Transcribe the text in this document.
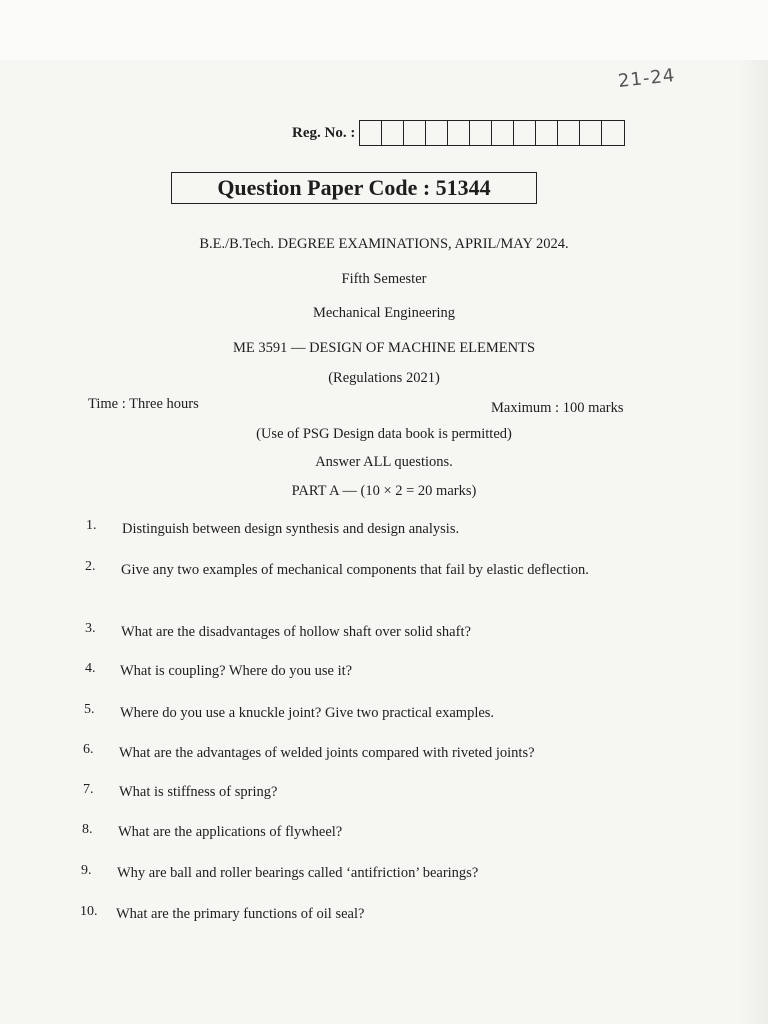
21-24
Reg. No. :
Question Paper Code : 51344
B.E./B.Tech. DEGREE EXAMINATIONS, APRIL/MAY 2024.
Fifth Semester
Mechanical Engineering
ME 3591 — DESIGN OF MACHINE ELEMENTS
(Regulations 2021)
Time : Three hours	Maximum : 100 marks
(Use of PSG Design data book is permitted)
Answer ALL questions.
PART A — (10 × 2 = 20 marks)
1.	Distinguish between design synthesis and design analysis.
2.	Give any two examples of mechanical components that fail by elastic deflection.
3.	What are the disadvantages of hollow shaft over solid shaft?
4.	What is coupling? Where do you use it?
5.	Where do you use a knuckle joint? Give two practical examples.
6.	What are the advantages of welded joints compared with riveted joints?
7.	What is stiffness of spring?
8.	What are the applications of flywheel?
9.	Why are ball and roller bearings called ‘antifriction’ bearings?
10.	What are the primary functions of oil seal?
